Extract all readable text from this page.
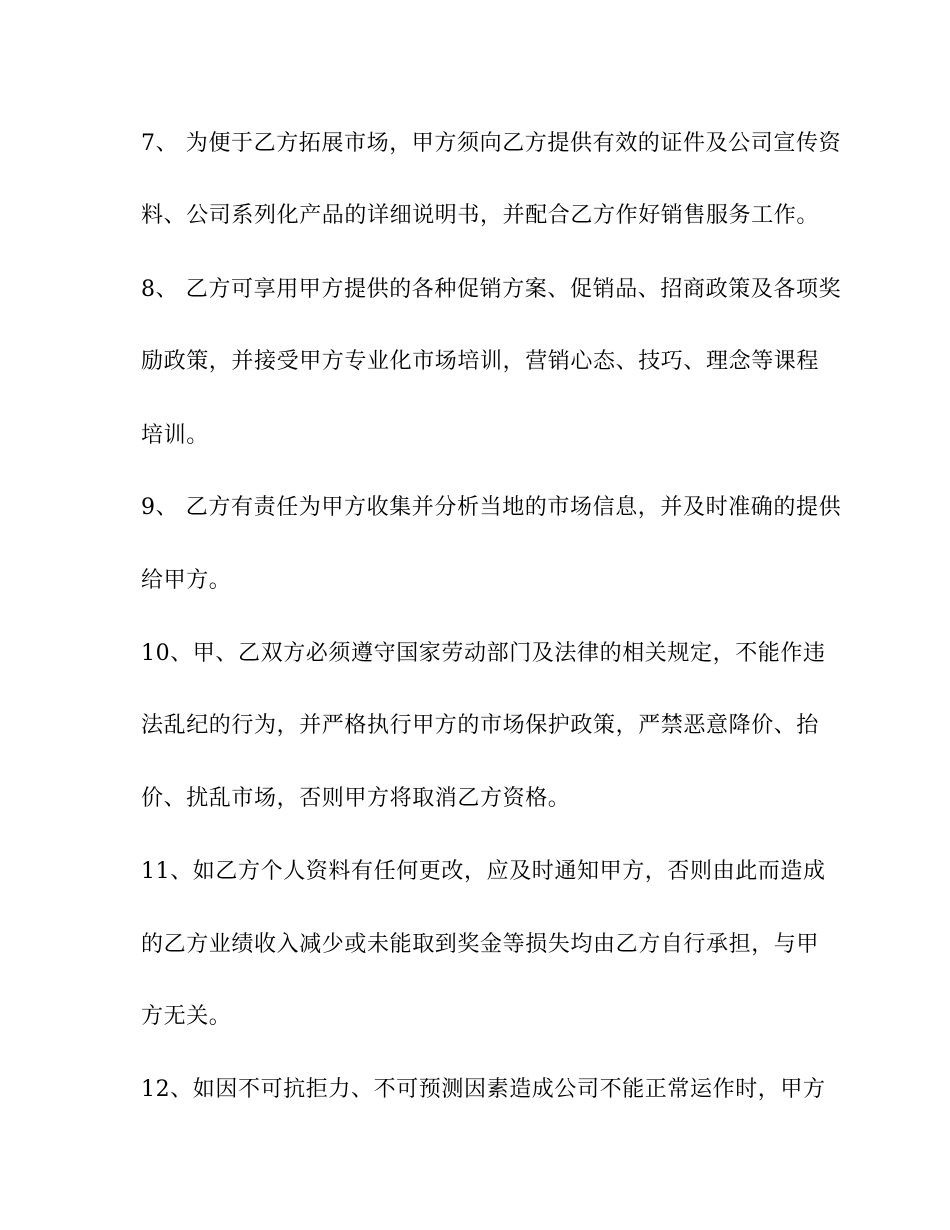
7、 为便于乙方拓展市场，甲方须向乙方提供有效的证件及公司宣传资
料、公司系列化产品的详细说明书，并配合乙方作好销售服务工作。
8、 乙方可享用甲方提供的各种促销方案、促销品、招商政策及各项奖
励政策，并接受甲方专业化市场培训，营销心态、技巧、理念等课程
培训。
9、 乙方有责任为甲方收集并分析当地的市场信息，并及时准确的提供
给甲方。
10、甲、乙双方必须遵守国家劳动部门及法律的相关规定，不能作违
法乱纪的行为，并严格执行甲方的市场保护政策，严禁恶意降价、抬
价、扰乱市场，否则甲方将取消乙方资格。
11、如乙方个人资料有任何更改，应及时通知甲方，否则由此而造成
的乙方业绩收入减少或未能取到奖金等损失均由乙方自行承担，与甲
方无关。
12、如因不可抗拒力、不可预测因素造成公司不能正常运作时，甲方
